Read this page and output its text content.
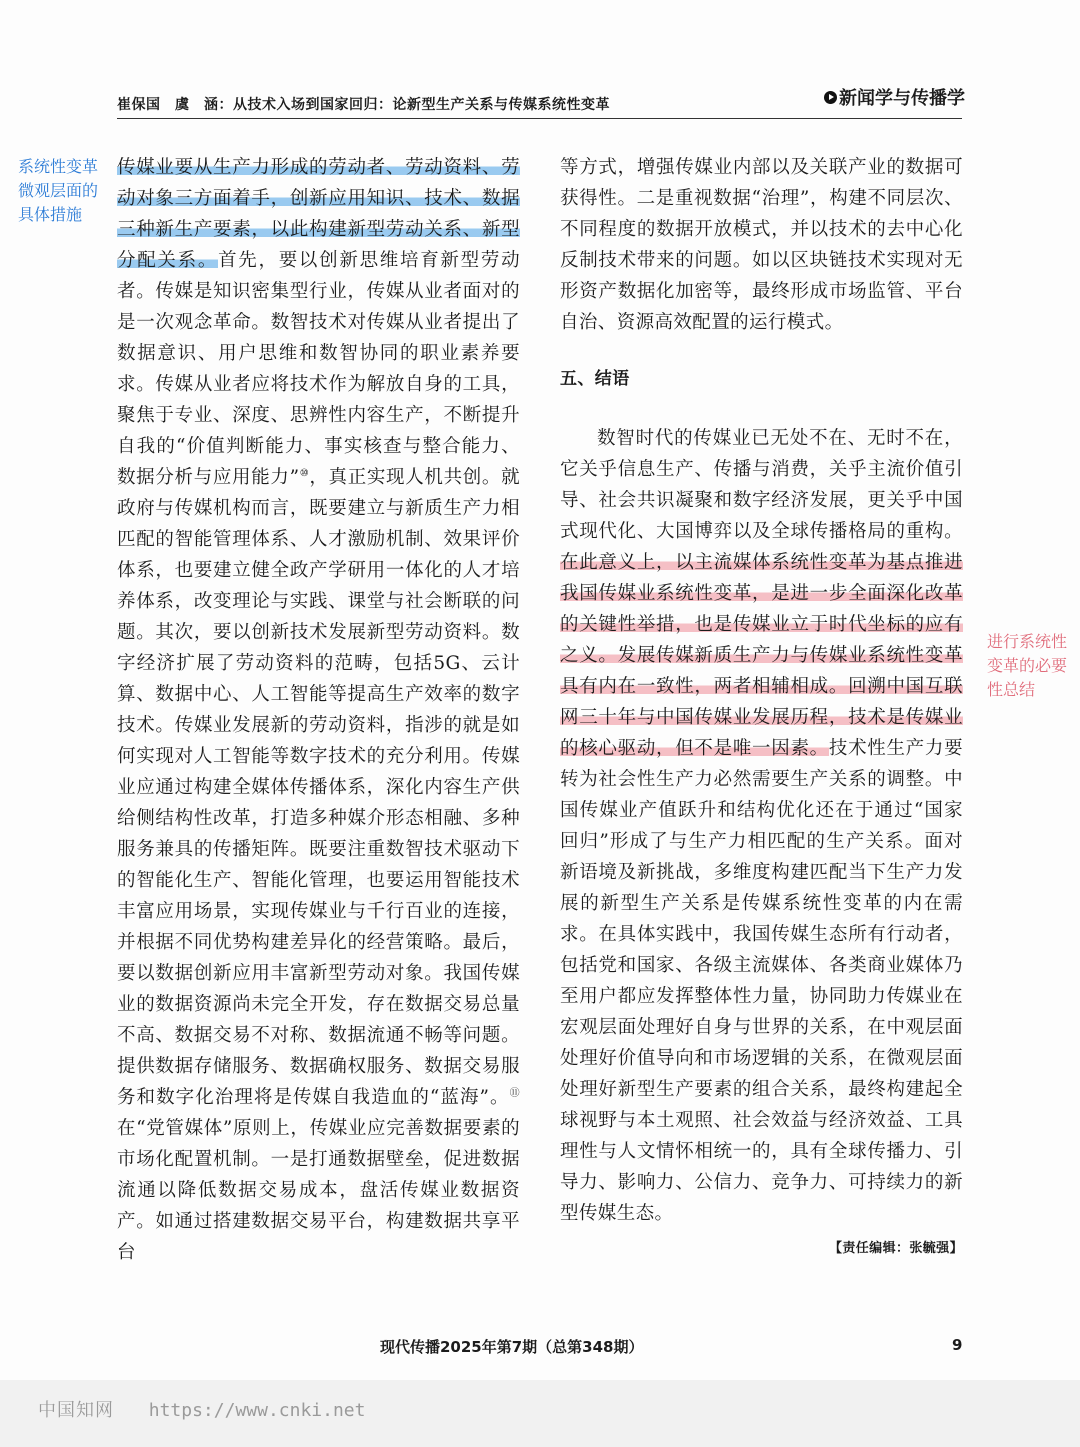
崔保国　虞　涵：从技术入场到国家回归：论新型生产关系与传媒系统性变革	新闻学与传播学

传媒业要从生产力形成的劳动者、劳动资料、劳动对象三方面着手，创新应用知识、技术、数据三种新生产要素，以此构建新型劳动关系、新型分配关系。首先，要以创新思维培育新型劳动者。传媒是知识密集型行业，传媒从业者面对的是一次观念革命。数智技术对传媒从业者提出了数据意识、用户思维和数智协同的职业素养要求。传媒从业者应将技术作为解放自身的工具，聚焦于专业、深度、思辨性内容生产，不断提升自我的“价值判断能力、事实核查与整合能力、数据分析与应用能力”⑩，真正实现人机共创。就政府与传媒机构而言，既要建立与新质生产力相匹配的智能管理体系、人才激励机制、效果评价体系，也要建立健全政产学研用一体化的人才培养体系，改变理论与实践、课堂与社会断联的问题。其次，要以创新技术发展新型劳动资料。数字经济扩展了劳动资料的范畴，包括5G、云计算、数据中心、人工智能等提高生产效率的数字技术。传媒业发展新的劳动资料，指涉的就是如何实现对人工智能等数字技术的充分利用。传媒业应通过构建全媒体传播体系，深化内容生产供给侧结构性改革，打造多种媒介形态相融、多种服务兼具的传播矩阵。既要注重数智技术驱动下的智能化生产、智能化管理，也要运用智能技术丰富应用场景，实现传媒业与千行百业的连接，并根据不同优势构建差异化的经营策略。最后，要以数据创新应用丰富新型劳动对象。我国传媒业的数据资源尚未完全开发，存在数据交易总量不高、数据交易不对称、数据流通不畅等问题。提供数据存储服务、数据确权服务、数据交易服务和数字化治理将是传媒自我造血的“蓝海”。⑪在“党管媒体”原则上，传媒业应完善数据要素的市场化配置机制。一是打通数据壁垒，促进数据流通以降低数据交易成本，盘活传媒业数据资产。如通过搭建数据交易平台，构建数据共享平台

等方式，增强传媒业内部以及关联产业的数据可获得性。二是重视数据“治理”，构建不同层次、不同程度的数据开放模式，并以技术的去中心化反制技术带来的问题。如以区块链技术实现对无形资产数据化加密等，最终形成市场监管、平台自治、资源高效配置的运行模式。

五、结语

数智时代的传媒业已无处不在、无时不在，它关乎信息生产、传播与消费，关乎主流价值引导、社会共识凝聚和数字经济发展，更关乎中国式现代化、大国博弈以及全球传播格局的重构。在此意义上，以主流媒体系统性变革为基点推进我国传媒业系统性变革，是进一步全面深化改革的关键性举措，也是传媒业立于时代坐标的应有之义。发展传媒新质生产力与传媒业系统性变革具有内在一致性，两者相辅相成。回溯中国互联网三十年与中国传媒业发展历程，技术是传媒业的核心驱动，但不是唯一因素。技术性生产力要转为社会性生产力必然需要生产关系的调整。中国传媒业产值跃升和结构优化还在于通过“国家回归”形成了与生产力相匹配的生产关系。面对新语境及新挑战，多维度构建匹配当下生产力发展的新型生产关系是传媒系统性变革的内在需求。在具体实践中，我国传媒生态所有行动者，包括党和国家、各级主流媒体、各类商业媒体乃至用户都应发挥整体性力量，协同助力传媒业在宏观层面处理好自身与世界的关系，在中观层面处理好价值导向和市场逻辑的关系，在微观层面处理好新型生产要素的组合关系，最终构建起全球视野与本土观照、社会效益与经济效益、工具理性与人文情怀相统一的，具有全球传播力、引导力、影响力、公信力、竞争力、可持续力的新型传媒生态。

【责任编辑：张毓强】

系统性变革微观层面的具体措施
进行系统性变革的必要性总结
现代传播2025年第7期（总第348期）	9
中国知网 https://www.cnki.net
